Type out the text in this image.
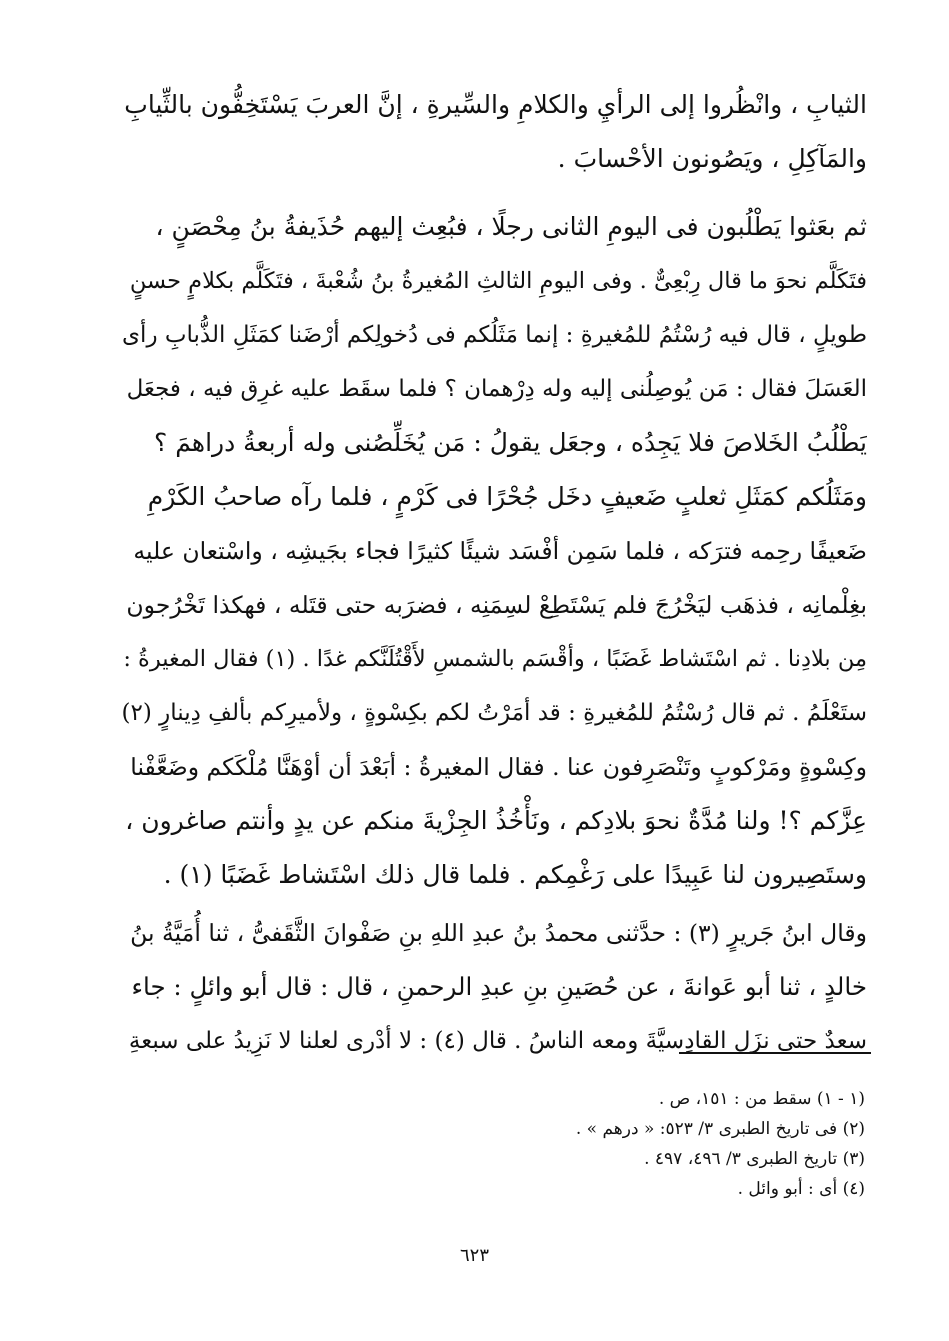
الثيابِ ، وانْظُروا إلى الرأيِ والكلامِ والسِّيرةِ ، إنَّ العربَ يَسْتَخِفُّون بالثِّيابِ
والمَآكِلِ ، ويَصُونون الأحْسابَ .
ثم بعَثوا يَطْلُبون فى اليومِ الثانى رجلًا ، فبُعِث إليهم حُذَيفةُ بنُ مِحْصَنٍ ،
فتَكَلَّم نحوَ ما قال رِبْعِىٌّ . وفى اليومِ الثالثِ المُغيرةُ بنُ شُعْبةَ ، فتَكَلَّم بكلامٍ حسنٍ
طويلٍ ، قال فيه رُسْتُمُ للمُغيرةِ : إنما مَثَلُكم فى دُخولِكم أرْضَنا كمَثَلِ الذُّبابِ رأى
العَسَلَ فقال : مَن يُوصِلُنى إليه وله دِرْهمان ؟ فلما سقَط عليه غرِق فيه ، فجعَل
يَطْلُبُ الخَلاصَ فلا يَجِدُه ، وجعَل يقولُ : مَن يُخَلِّصُنى وله أربعةُ دراهمَ ؟
ومَثَلُكم كمَثَلِ ثعلبٍ ضَعيفٍ دخَل جُحْرًا فى كَرْمٍ ، فلما رآه صاحبُ الكَرْمِ
ضَعيفًا رحِمه فترَكه ، فلما سَمِن أفْسَد شيئًا كثيرًا فجاء بجَيشِه ، واسْتعان عليه
بغِلْمانِه ، فذهَب ليَخْرُجَ فلم يَسْتَطِعْ لسِمَنِه ، فضرَبه حتى قتَله ، فهكذا تَخْرُجون
مِن بلادِنا . ثم اسْتَشاط غَضَبًا ، وأقْسَم بالشمسِ لأَقْتُلَنَّكم غدًا . (١) فقال المغيرةُ :
ستَعْلَمُ . ثم قال رُسْتُمُ للمُغيرةِ : قد أمَرْتُ لكم بكِسْوةٍ ، ولأميرِكم بألفِ دِينارٍ (٢)
وكِسْوةٍ ومَرْكوبٍ وتَنْصَرِفون عنا . فقال المغيرةُ : أبَعْدَ أن أوْهَنَّا مُلْكَكم وضَعَّفْنا
عِزَّكم ؟! ولنا مُدَّةٌ نحوَ بلادِكم ، ونَأْخُذُ الجِزْيةَ منكم عن يدٍ وأنتم صاغرون ،
وستَصِيرون لنا عَبِيدًا على رَغْمِكم . فلما قال ذلك اسْتَشاط غَضَبًا (١) .
وقال ابنُ جَريرٍ (٣) : حدَّثنى محمدُ بنُ عبدِ اللهِ بنِ صَفْوانَ الثَّقَفىُّ ، ثنا أُمَيَّةُ بنُ
خالدٍ ، ثنا أبو عَوانةَ ، عن حُصَينِ بنِ عبدِ الرحمنِ ، قال : قال أبو وائلٍ : جاء
سعدٌ حتى نزَل القادِسيَّةَ ومعه الناسُ . قال (٤) : لا أدْرى لعلنا لا نَزِيدُ على سبعةِ
(١ - ١) سقط من : ١٥١، ص .
(٢) فى تاريخ الطبرى ٣/ ٥٢٣: « درهم » .
(٣) تاريخ الطبرى ٣/ ٤٩٦، ٤٩٧ .
(٤) أى : أبو وائل .
٦٢٣
